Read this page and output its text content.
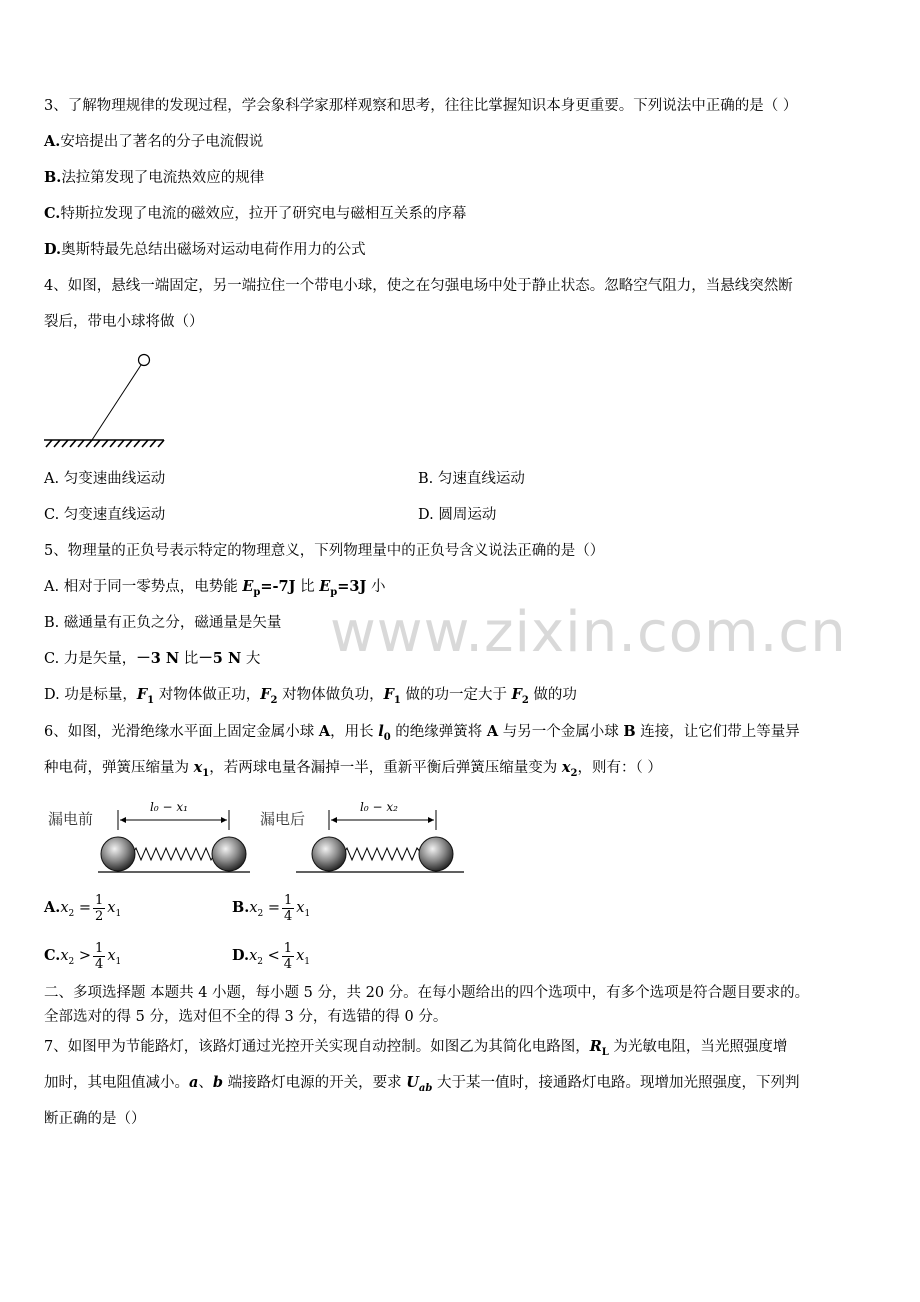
www.zixin.com.cn
3、了解物理规律的发现过程，学会象科学家那样观察和思考，往往比掌握知识本身更重要。下列说法中正确的是（ ）
A.安培提出了著名的分子电流假说
B.法拉第发现了电流热效应的规律
C.特斯拉发现了电流的磁效应，拉开了研究电与磁相互关系的序幕
D.奥斯特最先总结出磁场对运动电荷作用力的公式
4、如图，悬线一端固定，另一端拉住一个带电小球，使之在匀强电场中处于静止状态。忽略空气阻力，当悬线突然断
裂后，带电小球将做（）
A. 匀变速曲线运动	B. 匀速直线运动
C. 匀变速直线运动	D. 圆周运动
5、物理量的正负号表示特定的物理意义，下列物理量中的正负号含义说法正确的是（）
A. 相对于同一零势点，电势能 $E_p=-7J$ 比 $E_p=3J$ 小
B. 磁通量有正负之分，磁通量是矢量
C. 力是矢量，－3 N 比－5 N 大
D. 功是标量，$F_1$ 对物体做正功，$F_2$ 对物体做负功，$F_1$ 做的功一定大于 $F_2$ 做的功
6、如图，光滑绝缘水平面上固定金属小球 A，用长 $l_0$ 的绝缘弹簧将 A 与另一个金属小球 B 连接，让它们带上等量异
种电荷，弹簧压缩量为 $x_1$，若两球电量各漏掉一半，重新平衡后弹簧压缩量变为 $x_2$，则有：（ ）
漏电前
l₀ − x₁
漏电后
l₀ − x₂
$A.x_2 = \frac{1}{2} x_1$	$B.x_2 = \frac{1}{4} x_1$
$C.x_2 > \frac{1}{4} x_1$	$D.x_2 < \frac{1}{4} x_1$
二、多项选择题 本题共 4 小题，每小题 5 分，共 20 分。在每小题给出的四个选项中，有多个选项是符合题目要求的。
全部选对的得 5 分，选对但不全的得 3 分，有选错的得 0 分。
7、如图甲为节能路灯，该路灯通过光控开关实现自动控制。如图乙为其简化电路图，$R_L$ 为光敏电阻，当光照强度增
加时，其电阻值减小。a、b 端接路灯电源的开关，要求 $U_{ab}$ 大于某一值时，接通路灯电路。现增加光照强度，下列判
断正确的是（）
